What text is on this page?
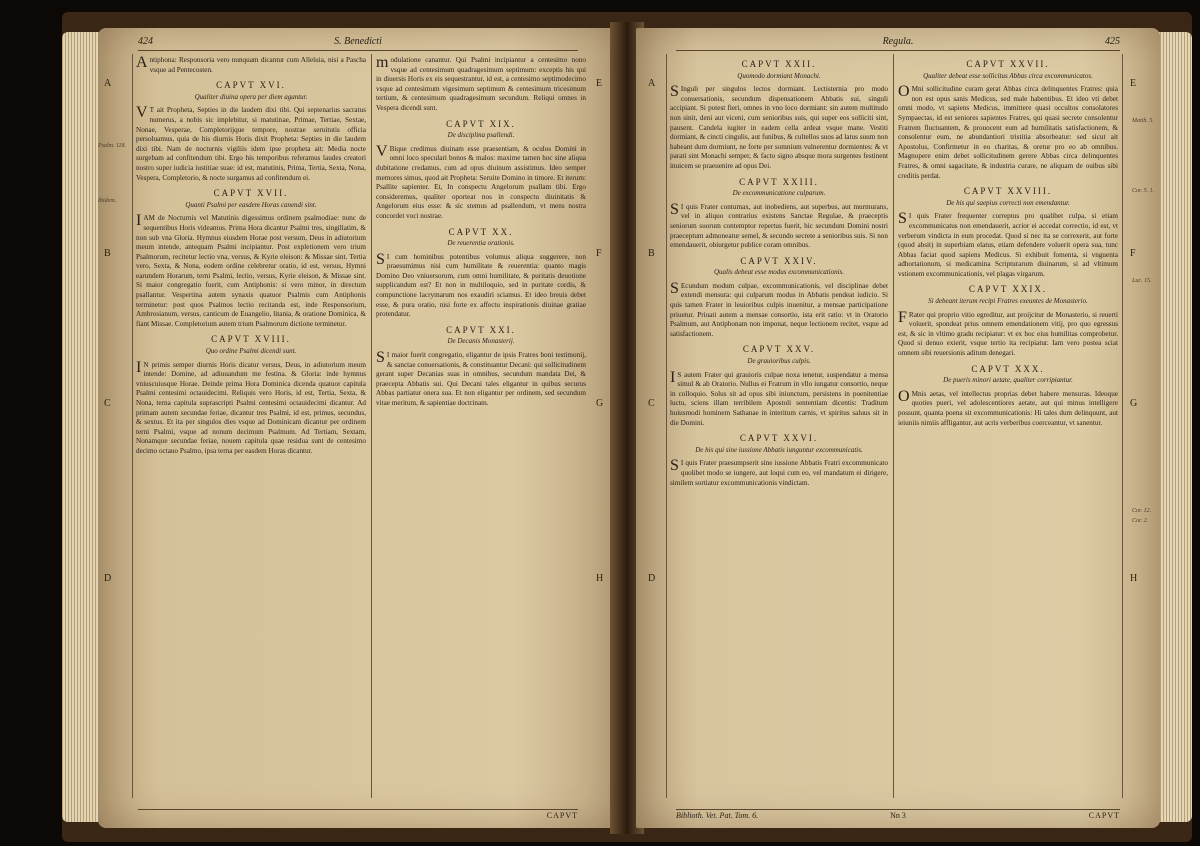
424	S. Benedicti
A
B
C
D
Psalm. 118.
Ibidem.

Antiphona: Responsoria vero nunquam dicantur cum Alleluia, nisi a Pascha vsque ad Pentecosten.

CAPVT XVI.
Qualiter diuina opera per diem agantur.

VT ait Propheta, Septies in die laudem dixi tibi. Qui septenarius sacratus numerus, a nobis sic implebitur, si matutinae, Primae, Tertiae, Sextae, Nonae, Vesperae, Completorijque tempore, nostrae seruitutis officia persoluamus, quia de his diurnis Horis dixit Propheta: Septies in die laudem dixi tibi. Nam de nocturnis vigiliis idem ipse propheta ait: Media nocte surgebam ad confitendum tibi. Ergo his temporibus referamus laudes creatori nostro super iudicia iustitiae suae: id est, matutinis, Prima, Tertia, Sexta, Nona, Vespera, Completorio, & nocte surgamus ad confitendum ei.

CAPVT XVII.
Quanti Psalmi per easdem Horas canendi sint.

IAM de Nocturnis vel Matutinis digessimus ordinem psalmodiae: nunc de sequentibus Horis videamus. Prima Hora dicantur Psalmi tres, singillatim, & non sub vna Gloria. Hymnus eiusdem Horae post versum, Deus in adiutorium meum intende, antequam Psalmi incipiantur. Post expletionem vero trium Psalmorum, recitetur lectio vna, versus, & Kyrie eleison: & Missae sint. Tertia vero, Sexta, & Nona, eodem ordine celebretur oratio, id est, versus, Hymni earundem Horarum, terni Psalmi, lectio, versus, Kyrie eleison, & Missae sint. Si maior congregatio fuerit, cum Antiphonis: si vero minor, in directum psallantur. Vespertina autem synaxis quatuor Psalmis cum Antiphonis terminetur: post quos Psalmos lectio recitanda est, inde Responsorium, Ambrosianum, versus, canticum de Euangelio, litania, & oratione Dominica, & fiant Missae. Completorium autem trium Psalmorum dictione terminetur.

CAPVT XVIII.
Quo ordine Psalmi dicendi sunt.

IN primis semper diurnis Horis dicatur versus, Deus, in adiutorium meum intende: Domine, ad adiuuandum me festina. & Gloria: inde hymnus vniuscuiusque Horae. Deinde prima Hora Dominica dicenda quatuor capitula Psalmi centesimi octauidecimi. Reliquis vero Horis, id est, Tertia, Sexta, & Nona, terna capitula suprascripti Psalmi centesimi octauidecimi dicantur. Ad primam autem secundae feriae, dicantur tres Psalmi, id est, primus, secundus, & sextus. Et ita per singulos dies vsque ad Dominicam dicantur per ordinem terni Psalmi, vsque ad nonum decimum Psalmum. Ad Tertiam, Sextam, Nonamque secundae feriae, nouem capitula quae residua sunt de centesimo decimo octauo Psalmo, ipsa terna per easdem Horas dicantur.

modulatione canantur. Qui Psalmi incipiantur a centesimo nono vsque ad centesimum quadragesimum septimum: exceptis his qui in diuersis Horis ex eis sequestrantur, id est, a centesimo septimodecimo vsque ad centesimum vigesimum septimum & centesimum tricesimum tertium, & centesimum quadragesimum secundum. Reliqui omnes in Vespera dicendi sunt.

CAPVT XIX.
De disciplina psallendi.

VBique credimus diuinam esse praesentiam, & oculos Domini in omni loco speculari bonos & malos: maxime tamen hoc sine aliqua dubitatione credamus, cum ad opus diuinum assistimus. Ideo semper memores simus, quod ait Propheta: Seruite Domino in timore. Et iterum: Psallite sapienter. Et, In conspectu Angelorum psallam tibi. Ergo consideremus, qualiter oporteat nos in conspectu diuinitatis & Angelorum eius esse: & sic stemus ad psallendum, vt mens nostra concordet voci nostrae.

CAPVT XX.
De reuerentia orationis.

SI cum hominibus potentibus volumus aliqua suggerere, non praesumimus nisi cum humilitate & reuerentia: quanto magis Domino Deo vniuersorum, cum omni humilitate, & puritatis deuotione supplicandum est? Et non in multiloquio, sed in puritate cordis, & compunctione lacrymarum nos exaudiri sciamus. Et ideo breuis debet esse, & pura oratio, nisi forte ex affectu inspirationis diuinae gratiae protendatur.

CAPVT XXI.
De Decanis Monasterij.

SI maior fuerit congregatio, eligantur de ipsis Fratres boni testimonij, & sanctae conuersationis, & constituantur Decani: qui sollicitudinem gerant super Decanias suas in omnibus, secundum mandata Dei, & praecepta Abbatis sui. Qui Decani tales eligantur in quibus securus Abbas partiatur onera sua. Et non eligantur per ordinem, sed secundum vitae meritum, & sapientiae doctrinam.

E
F
G
H
CAPVT
Regula.	425
A
B
C
D
CAPVT XXII.
Quomodo dormiant Monachi.

SInguli per singulos lectos dormiant. Lectisternia pro modo conuersationis, secundum dispensationem Abbatis sui, singuli accipiant. Si potest fieri, omnes in vno loco dormiant: sin autem multitudo non sinit, deni aut viceni, cum senioribus suis, qui super eos solliciti sint, pausent. Candela iugiter in eadem cella ardeat vsque mane. Vestiti dormiant, & cincti cingulis, aut funibus, & cultellos suos ad latus suum non habeant dum dormiunt, ne forte per somnium vulnerentur dormientes: & vt parati sint Monachi semper, & facto signo absque mora surgentes festinent inuicem se praeuenire ad opus Dei.

CAPVT XXIII.
De excommunicatione culparum.

SI quis Frater contumax, aut inobediens, aut superbus, aut murmurans, vel in aliquo contrarius existens Sanctae Regulae, & praeceptis seniorum suorum contemptor repertus fuerit, hic secundum Domini nostri praeceptum admoneatur semel, & secundo secrete a senioribus suis. Si non emendauerit, obiurgetur publice coram omnibus.

CAPVT XXIV.
Qualis debeat esse modus excommunicationis.

SEcundum modum culpae, excommunicationis, vel disciplinae debet extendi mensura: qui culparum modus in Abbatis pendeat iudicio. Si quis tamen Frater in leuioribus culpis inuenitur, a mensae participatione priuetur. Priuati autem a mensae consortio, ista erit ratio: vt in Oratorio Psalmum, aut Antiphonam non imponat, neque lectionem recitet, vsque ad satisfactionem.

CAPVT XXV.
De grauioribus culpis.

IS autem Frater qui grauioris culpae noxa tenetur, suspendatur a mensa simul & ab Oratorio. Nullus ei Fratrum in vllo iungatur consortio, neque in colloquio. Solus sit ad opus sibi iniunctum, persistens in poenitentiae luctu, sciens illam terribilem Apostoli sententiam dicentis: Traditum huiusmodi hominem Sathanae in interitum carnis, vt spiritus saluus sit in die Domini.

CAPVT XXVI.
De his qui sine iussione Abbatis iunguntur excommunicatis.

SI quis Frater praesumpserit sine iussione Abbatis Fratri excommunicato quolibet modo se iungere, aut loqui cum eo, vel mandatum ei dirigere, similem sortiatur excommunicationis vindictam.

CAPVT XXVII.
Qualiter debeat esse sollicitus Abbas circa excommunicatos.

OMni sollicitudine curam gerat Abbas circa delinquentes Fratres: quia non est opus sanis Medicus, sed male habentibus. Et ideo vti debet omni modo, vt sapiens Medicus, immittere quasi occultos consolatores Sympaectas, id est seniores sapientes Fratres, qui quasi secrete consolentur Fratrem fluctuantem, & prouocent eum ad humilitatis satisfactionem, & consolentur eum, ne abundantiori tristitia absorbeatur: sed sicut ait Apostolus, Confirmetur in eo charitas, & oretur pro eo ab omnibus. Magnopere enim debet sollicitudinem gerere Abbas circa delinquentes Fratres, & omni sagacitate, & industria curare, ne aliquam de ouibus sibi creditis perdat.

CAPVT XXVIII.
De his qui saepius correcti non emendantur.

SI quis Frater frequenter correptus pro qualibet culpa, si etiam excommunicatus non emendauerit, acrior ei accedat correctio, id est, vt verberum vindicta in eum procedat. Quod si nec ita se correxerit, aut forte (quod absit) in superbiam elatus, etiam defendere voluerit opera sua, tunc Abbas faciat quod sapiens Medicus. Si exhibuit fomenta, si vnguenta adhortationum, si medicamina Scripturarum diuinarum, si ad vltimum vstionem excommunicationis, vel plagas virgarum.

CAPVT XXIX.
Si debeant iterum recipi Fratres exeuntes de Monasterio.

FRater qui proprio vitio egreditur, aut proijcitur de Monasterio, si reuerti voluerit, spondeat prius omnem emendationem vitij, pro quo egressus est, & sic in vltimo gradu recipiatur: vt ex hoc eius humilitas comprobetur. Quod si denuo exierit, vsque tertio ita recipiatur. Iam vero postea sciat omnem sibi reuersionis aditum denegari.

CAPVT XXX.
De pueris minori aetate, qualiter corripiantur.

OMnis aetas, vel intellectus proprias debet habere mensuras. Ideoque quoties pueri, vel adolescentiores aetate, aut qui minus intelligere possunt, quanta poena sit excommunicationis: Hi tales dum delinquunt, aut ieiuniis nimiis affligantur, aut acris verberibus coerceantur, vt sanentur.

E
F
G
H
Matth. 5.
Cor. 5. 1.
Luc. 15.
Cor. 12.
Cor. 2.
Biblioth. Vet. Pat. Tom. 6.	Nn 3	CAPVT
